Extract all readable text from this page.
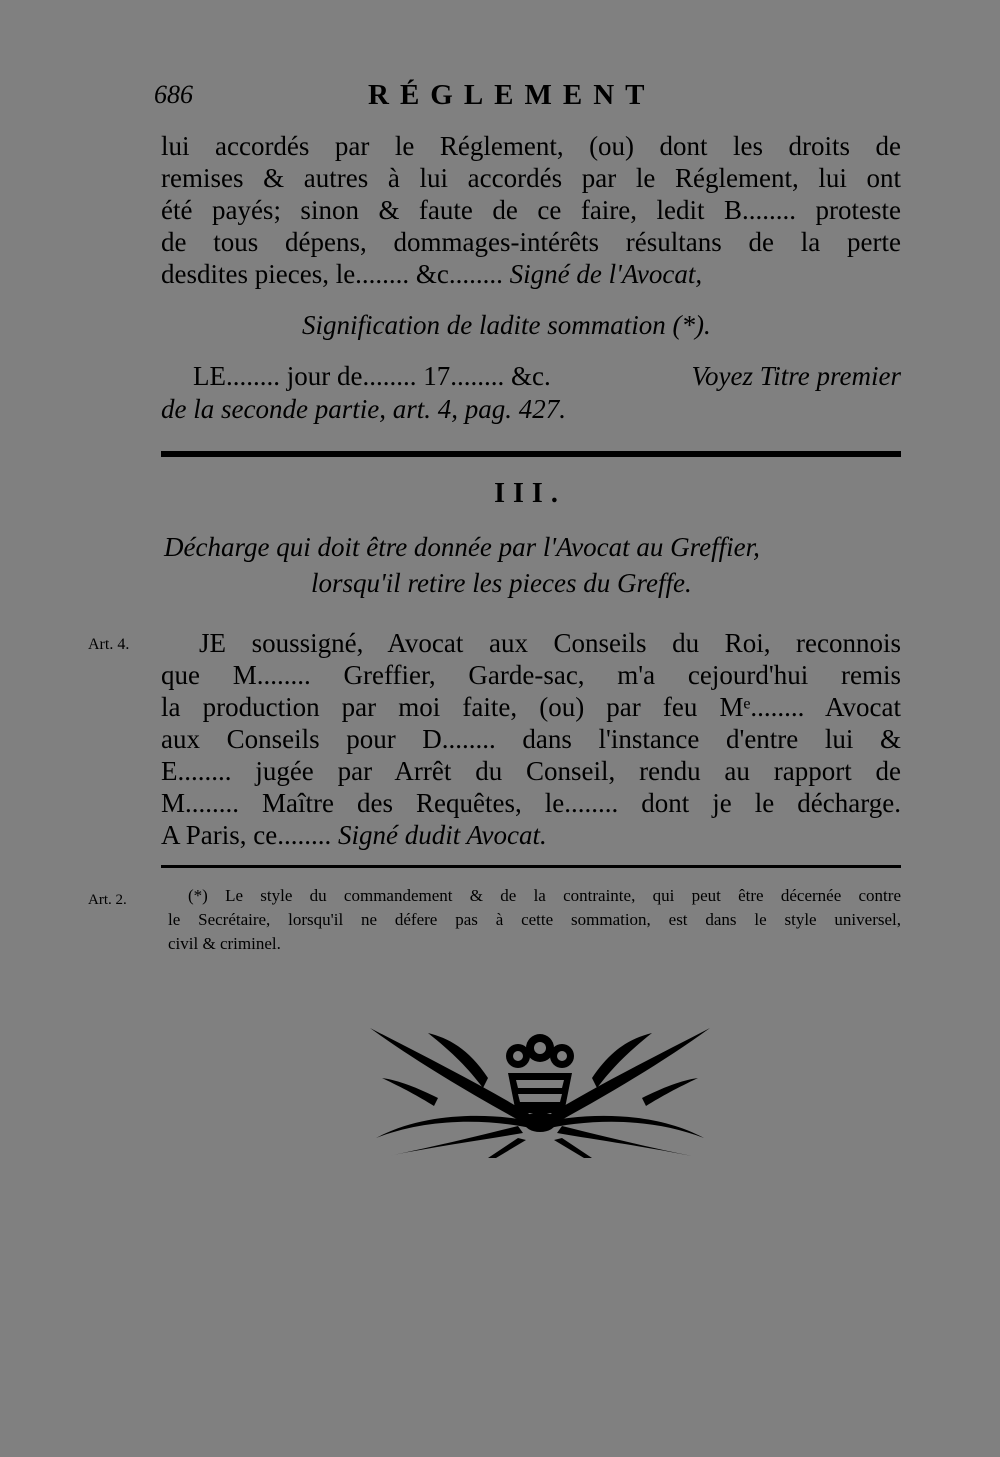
686	RÉGLEMENT
lui accordés par le Réglement, (ou) dont les droits de
remises & autres à lui accordés par le Réglement, lui ont
été payés; sinon & faute de ce faire, ledit B........ proteste
de tous dépens, dommages-intérêts résultans de la perte
desdites pieces, le........ &c........ Signé de l'Avocat,
Signification de ladite sommation (*).
LE........ jour de........ 17........ &c.	Voyez Titre premier
de la seconde partie, art. 4, pag. 427.
III.
Décharge qui doit être donnée par l'Avocat au Greffier,
lorsqu'il retire les pieces du Greffe.
Art. 4.	JE soussigné, Avocat aux Conseils du Roi, reconnois
que M........ Greffier, Garde-sac, m'a cejourd'hui remis
la production par moi faite, (ou) par feu Mᵉ........ Avocat
aux Conseils pour D........ dans l'instance d'entre lui &
E........ jugée par Arrêt du Conseil, rendu au rapport de
M........ Maître des Requêtes, le........ dont je le décharge.
A Paris, ce........ Signé dudit Avocat.
Art. 2.	(*) Le style du commandement & de la contrainte, qui peut être décernée contre
le Secrétaire, lorsqu'il ne défere pas à cette sommation, est dans le style universel,
civil & criminel.
